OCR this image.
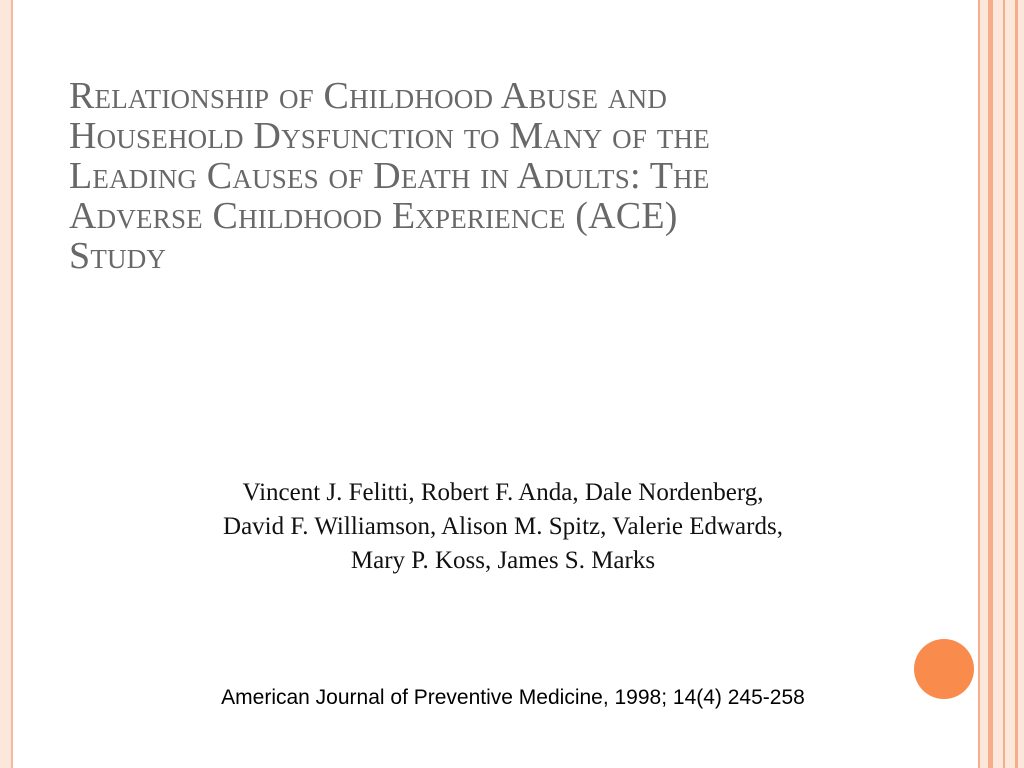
Relationship of Childhood Abuse and
Household Dysfunction to Many of the
Leading Causes of Death in Adults: The
Adverse Childhood Experience (ACE)
Study
Vincent J. Felitti, Robert F. Anda, Dale Nordenberg,
David F. Williamson, Alison M. Spitz, Valerie Edwards,
Mary P. Koss, James S. Marks
American Journal of Preventive Medicine, 1998; 14(4) 245-258
